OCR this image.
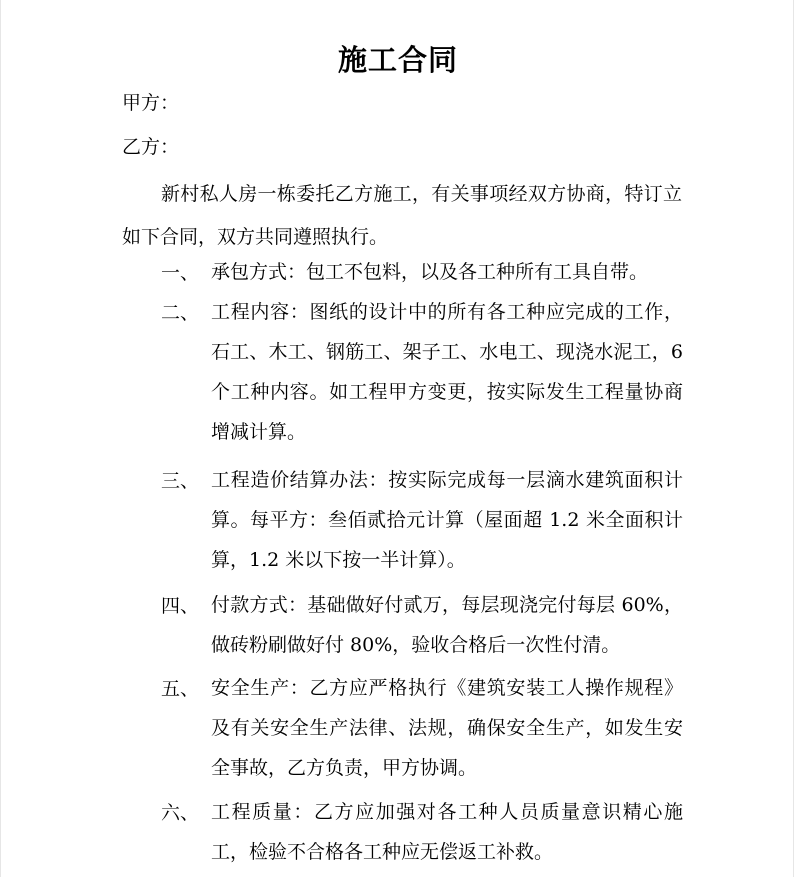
施工合同
甲方：
乙方：
新村私人房一栋委托乙方施工，有关事项经双方协商，特订立如下合同，双方共同遵照执行。
一、 承包方式：包工不包料，以及各工种所有工具自带。
二、 工程内容：图纸的设计中的所有各工种应完成的工作，石工、木工、钢筋工、架子工、水电工、现浇水泥工，6个工种内容。如工程甲方变更，按实际发生工程量协商增减计算。
三、 工程造价结算办法：按实际完成每一层滴水建筑面积计算。每平方：叁佰贰拾元计算（屋面超 1.2 米全面积计算，1.2 米以下按一半计算）。
四、 付款方式：基础做好付贰万，每层现浇完付每层 60%，做砖粉刷做好付 80%，验收合格后一次性付清。
五、 安全生产：乙方应严格执行《建筑安装工人操作规程》及有关安全生产法律、法规，确保安全生产，如发生安全事故，乙方负责，甲方协调。
六、 工程质量：乙方应加强对各工种人员质量意识精心施工，检验不合格各工种应无偿返工补救。
